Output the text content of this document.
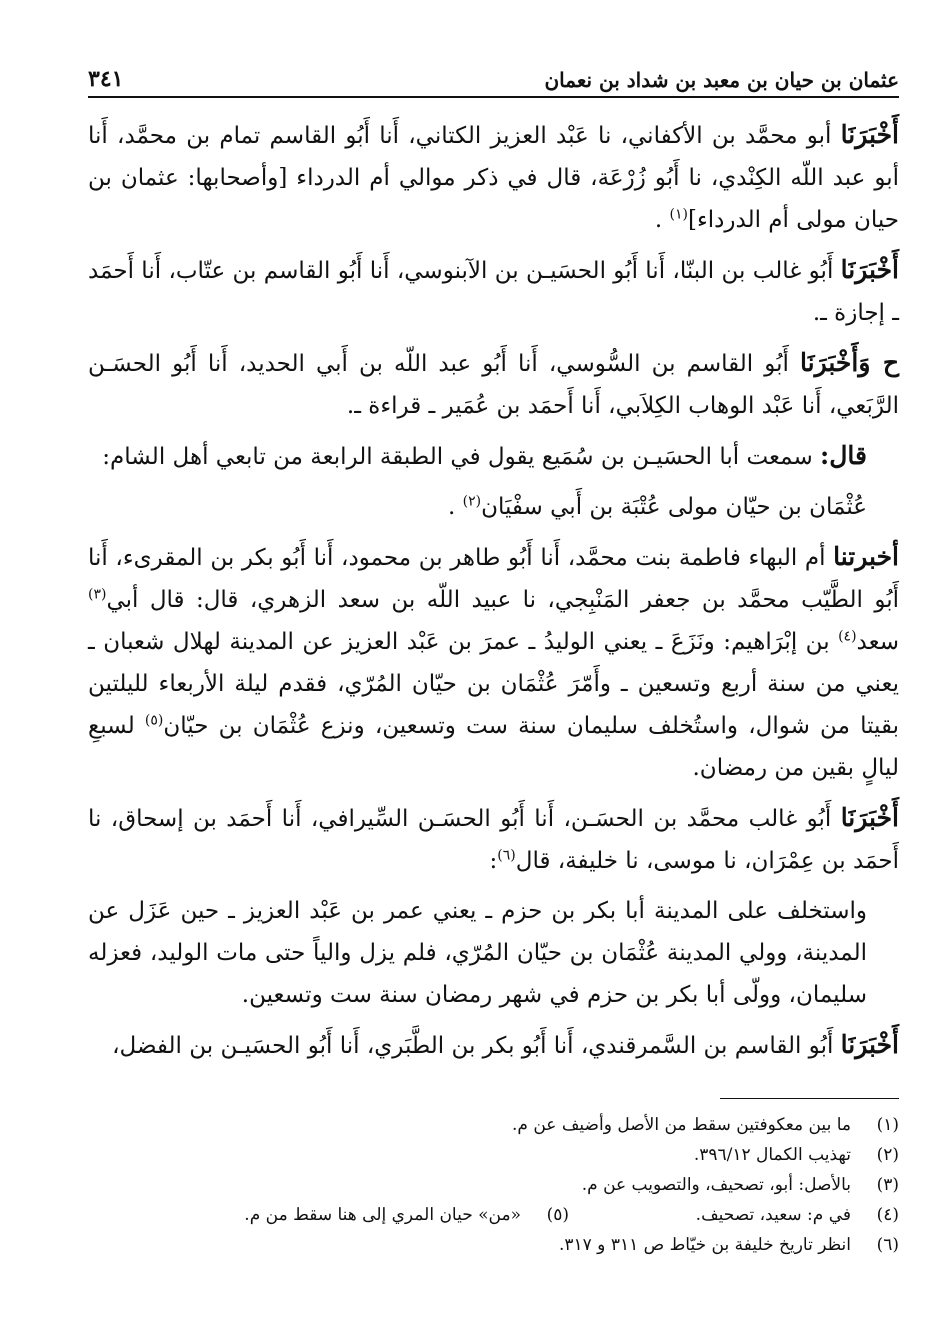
عثمان بن حيان بن معبد بن شداد بن نعمان
٣٤١

أَخْبَرَنَا أبو محمَّد بن الأكفاني، نا عَبْد العزيز الكتاني، أَنا أَبُو القاسم تمام بن محمَّد، أَنا أبو عبد اللّه الكِنْدي، نا أَبُو زُرْعَة، قال في ذكر موالي أم الدرداء [وأصحابها: عثمان بن حيان مولى أم الدرداء]$^{(١)}$ .

أَخْبَرَنَا أَبُو غالب بن البنّا، أَنا أَبُو الحسَيـن بن الآبنوسي، أَنا أَبُو القاسم بن عتّاب، أَنا أَحمَد ـ إجازة ـ.

ح وَأَخْبَرَنَا أَبُو القاسم بن السُّوسي، أَنا أَبُو عبد اللّه بن أَبي الحديد، أَنا أَبُو الحسَـن الرَّبَعي، أَنا عَبْد الوهاب الكِلاَبي، أَنا أَحمَد بن عُمَير ـ قراءة ـ.

قال: سمعت أبا الحسَيـن بن سُمَيع يقول في الطبقة الرابعة من تابعي أهل الشام:

عُثْمَان بن حيّان مولى عُتْبَة بن أَبي سفْيَان$^{(٢)}$ .

أخبرتنا أم البهاء فاطمة بنت محمَّد، أَنا أَبُو طاهر بن محمود، أَنا أَبُو بكر بن المقرىء، أَنا أَبُو الطَّيّب محمَّد بن جعفر المَنْبِجي، نا عبيد اللّه بن سعد الزهري، قال: قال أبي$^{(٣)}$ سعد$^{(٤)}$ بن إبْرَاهيم: ونَزَعَ ـ يعني الوليدُ ـ عمرَ بن عَبْد العزيز عن المدينة لهلال شعبان ـ يعني من سنة أربع وتسعين ـ وأَمّرَ عُثْمَان بن حيّان المُرّي، فقدم ليلة الأربعاء لليلتين بقيتا من شوال، واستُخلف سليمان سنة ست وتسعين، ونزع عُثْمَان بن حيّان$^{(٥)}$ لسبعِ ليالٍ بقين من رمضان.

أَخْبَرَنَا أَبُو غالب محمَّد بن الحسَـن، أَنا أَبُو الحسَـن السِّيرافي، أَنا أَحمَد بن إسحاق، نا أَحمَد بن عِمْرَان، نا موسى، نا خليفة، قال$^{(٦)}$:

واستخلف على المدينة أبا بكر بن حزم ـ يعني عمر بن عَبْد العزيز ـ حين عَزَل عن المدينة، وولي المدينة عُثْمَان بن حيّان المُرّي، فلم يزل والياً حتى مات الوليد، فعزله سليمان، وولّى أبا بكر بن حزم في شهر رمضان سنة ست وتسعين.

أَخْبَرَنَا أَبُو القاسم بن السَّمرقندي، أَنا أَبُو بكر بن الطَّبَري، أَنا أَبُو الحسَيـن بن الفضل،

(١)
ما بين معكوفتين سقط من الأصل وأضيف عن م.
(٢)
تهذيب الكمال ٣٩٦/١٢.
(٣)
بالأصل: أبو، تصحيف، والتصويب عن م.
(٤)
في م: سعيد، تصحيف.
(٥)
«من» حيان المري إلى هنا سقط من م.
(٦)
انظر تاريخ خليفة بن خيّاط ص ٣١١ و ٣١٧.
